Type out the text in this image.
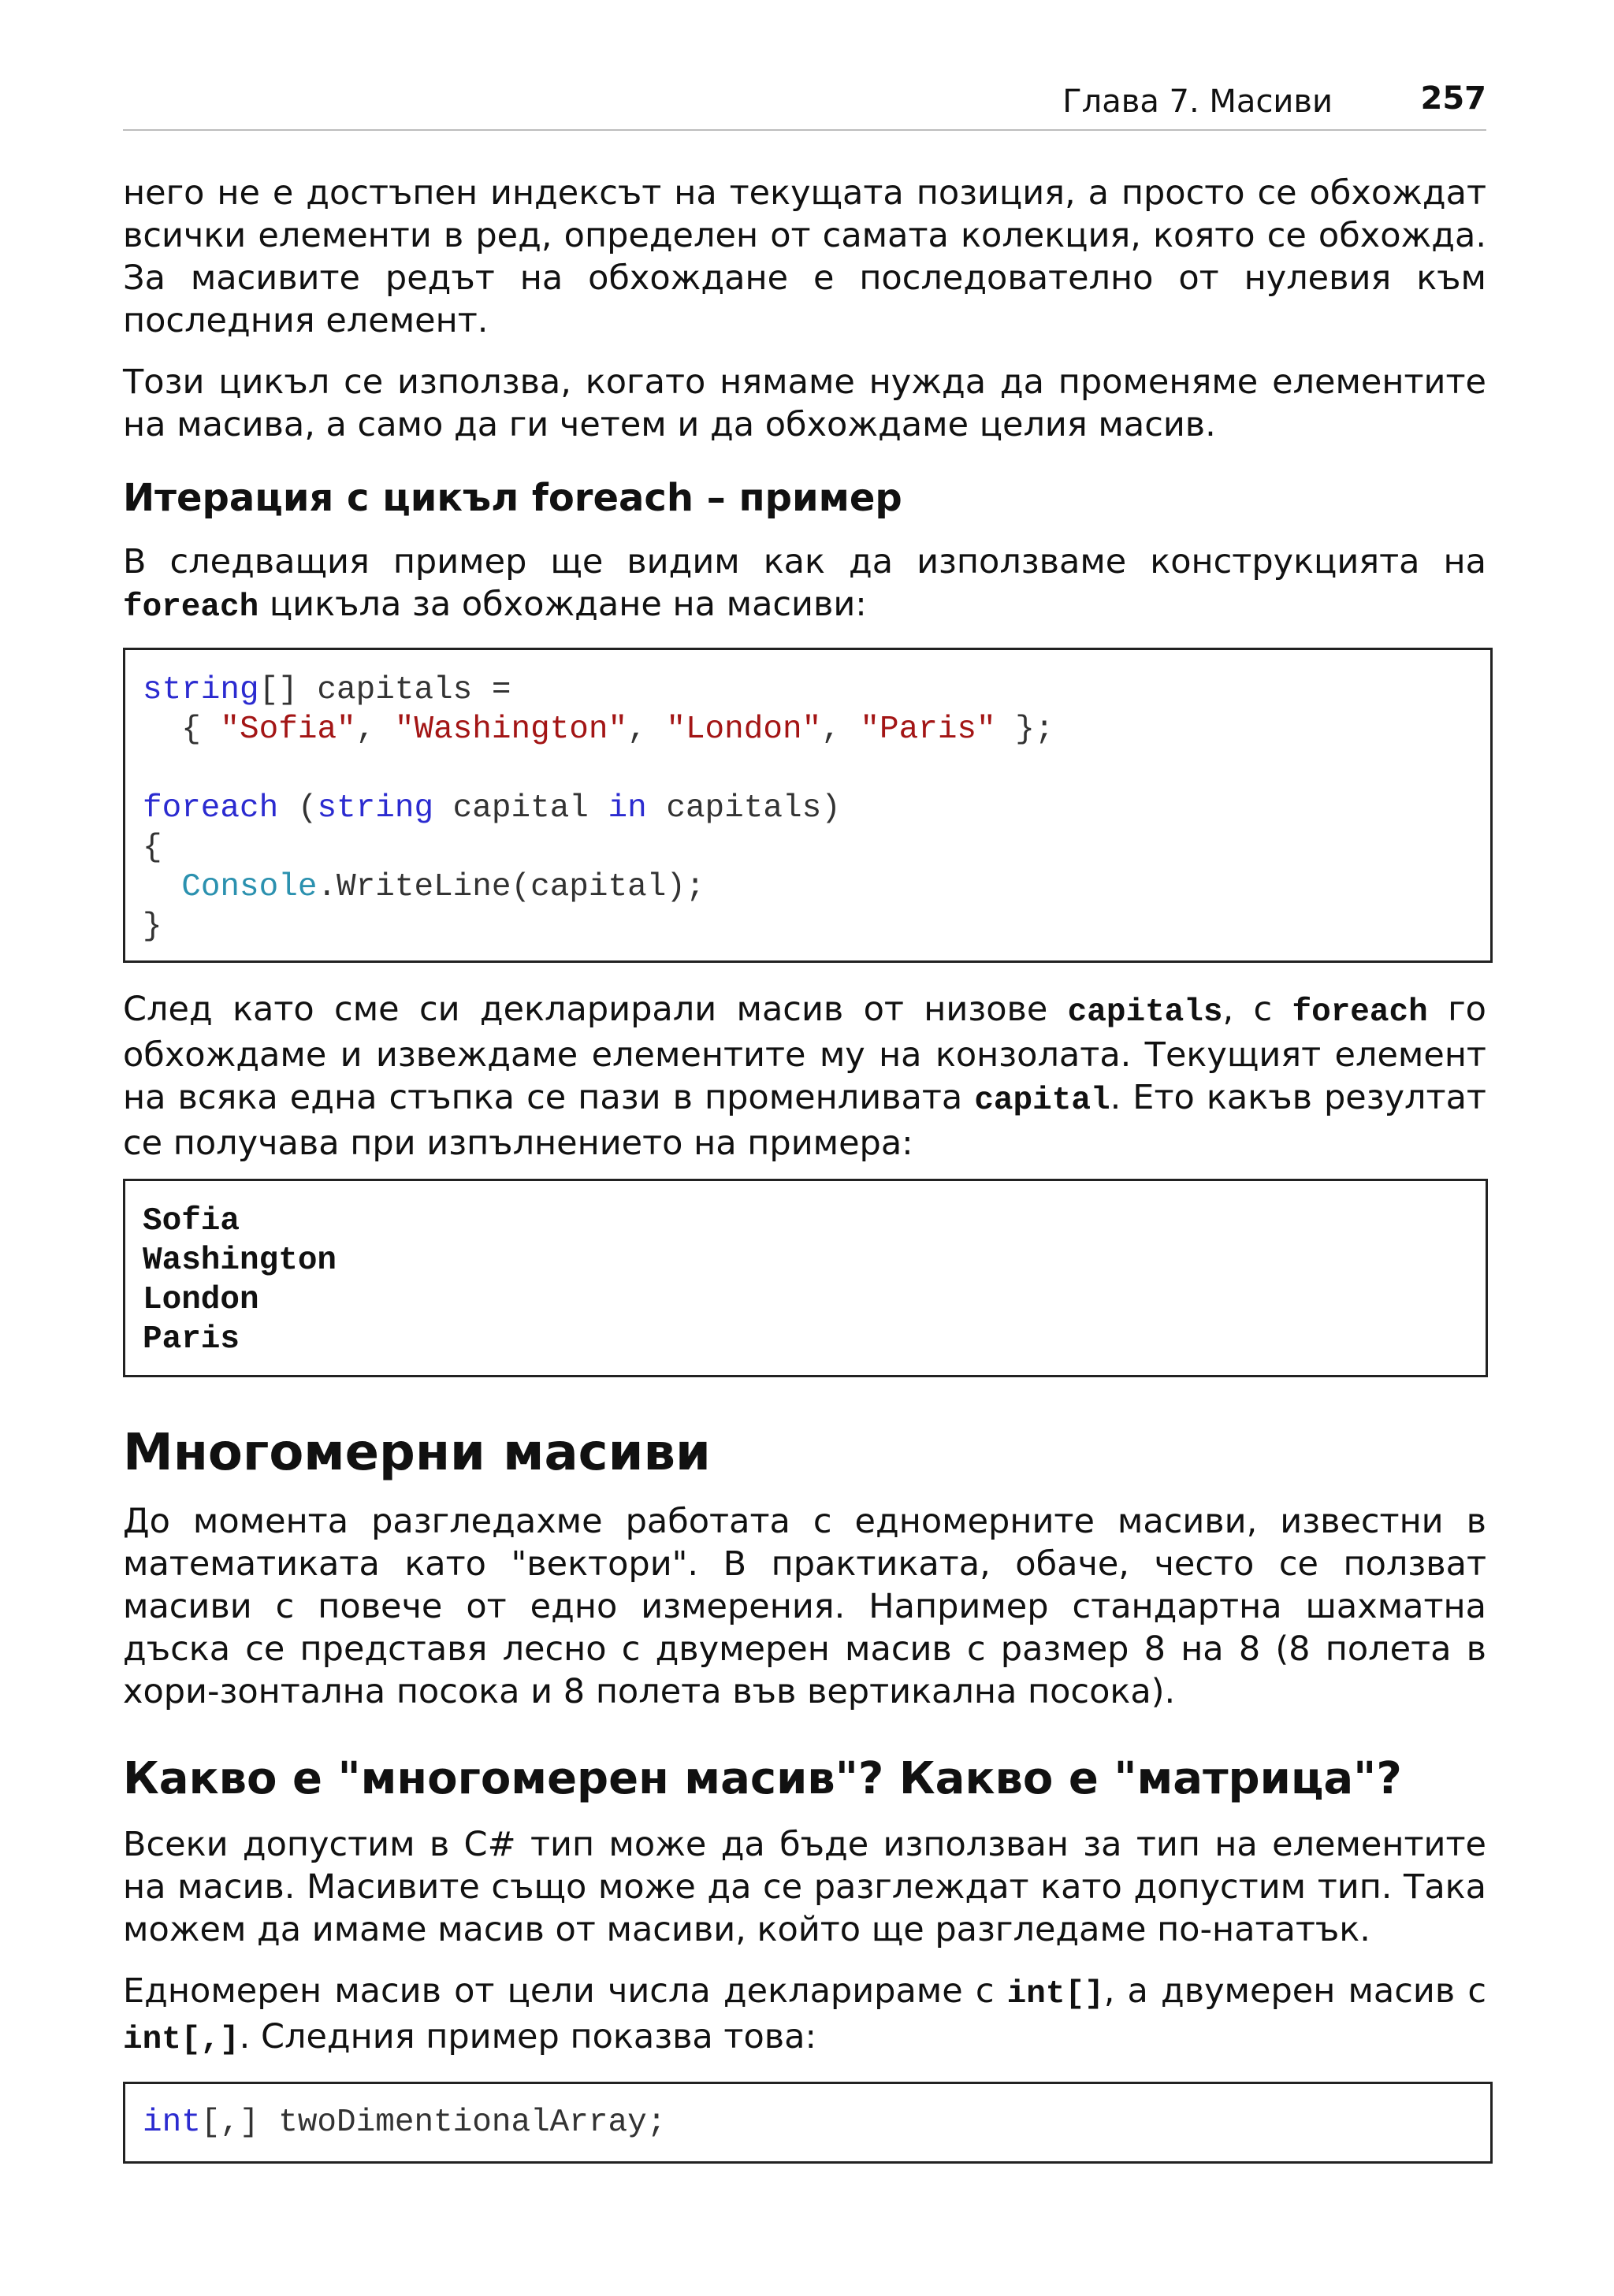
Глава 7. Масиви	257

него не е достъпен индексът на текущата позиция, а просто се обхождат всички елементи в ред, определен от самата колекция, която се обхожда. За масивите редът на обхождане е последователно от нулевия към последния елемент.

Този цикъл се използва, когато нямаме нужда да променяме елементите на масива, а само да ги четем и да обхождаме целия масив.

Итерация с цикъл foreach – пример

В следващия пример ще видим как да използваме конструкцията на foreach цикъла за обхождане на масиви:

string[] capitals =
{ "Sofia", "Washington", "London", "Paris" };
foreach (string capital in capitals)
{
Console.WriteLine(capital);
}

След като сме си декларирали масив от низове capitals, с foreach го обхождаме и извеждаме елементите му на конзолата. Текущият елемент на всяка една стъпка се пази в променливата capital. Ето какъв резултат се получава при изпълнението на примера:

Sofia
Washington
London
Paris
Многомерни масиви

До момента разгледахме работата с едномерните масиви, известни в математиката като "вектори". В практиката, обаче, често се ползват масиви с повече от едно измерения. Например стандартна шахматна дъска се представя лесно с двумерен масив с размер 8 на 8 (8 полета в хори-зонтална посока и 8 полета във вертикална посока).

Какво е "многомерен масив"? Какво е "матрица"?

Всеки допустим в C# тип може да бъде използван за тип на елементите на масив. Масивите също може да се разглеждат като допустим тип. Така можем да имаме масив от масиви, който ще разгледаме по-нататък.

Едномерен масив от цели числа декларираме с int[], а двумерен масив с int[,]. Следния пример показва това:

int[,] twoDimentionalArray;
